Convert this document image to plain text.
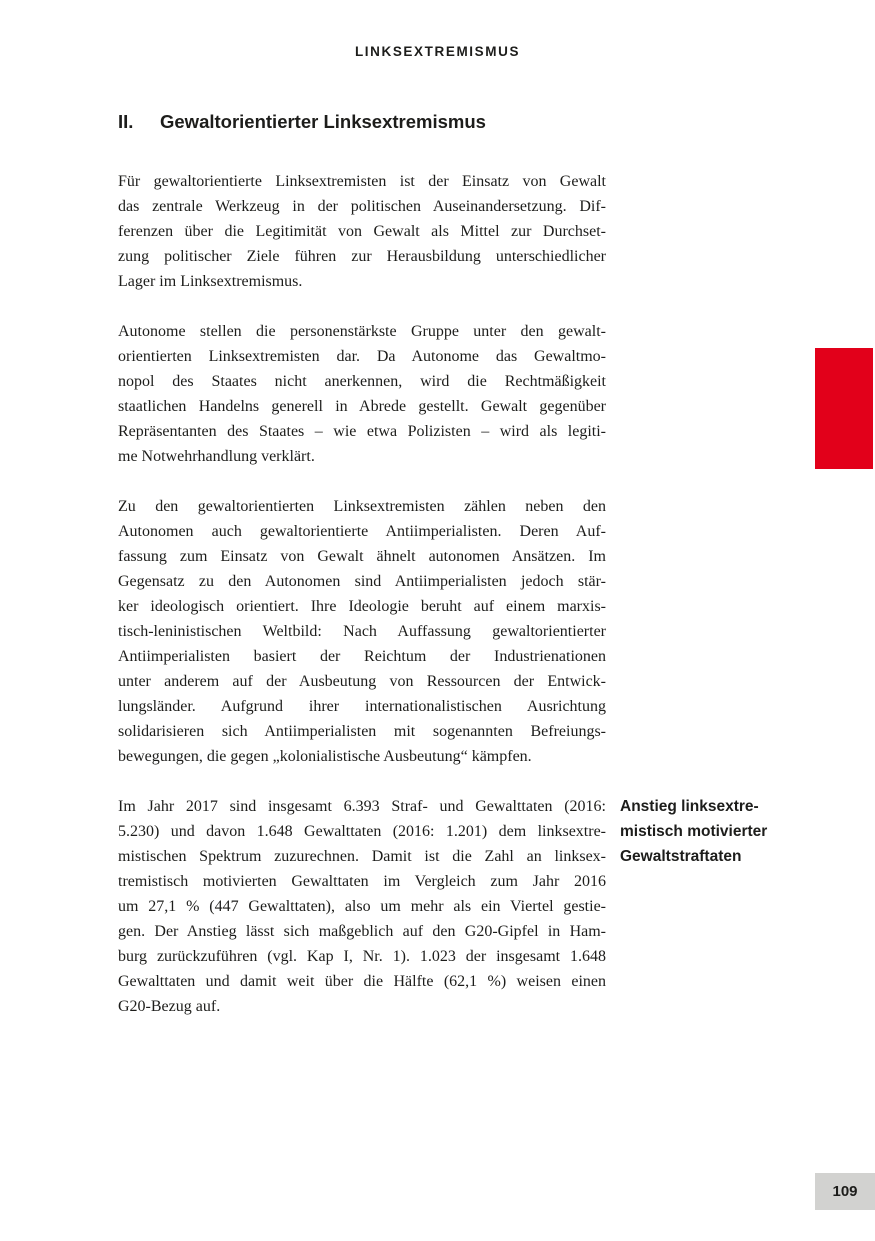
LINKSEXTREMISMUS
II.	Gewaltorientierter Linksextremismus
Für gewaltorientierte Linksextremisten ist der Einsatz von Gewalt
das zentrale Werkzeug in der politischen Auseinandersetzung. Dif-
ferenzen über die Legitimität von Gewalt als Mittel zur Durchset-
zung politischer Ziele führen zur Herausbildung unterschiedlicher
Lager im Linksextremismus.
Autonome stellen die personenstärkste Gruppe unter den gewalt-
orientierten Linksextremisten dar. Da Autonome das Gewaltmo-
nopol des Staates nicht anerkennen, wird die Rechtmäßigkeit
staatlichen Handelns generell in Abrede gestellt. Gewalt gegenüber
Repräsentanten des Staates – wie etwa Polizisten – wird als legiti-
me Notwehrhandlung verklärt.
Zu den gewaltorientierten Linksextremisten zählen neben den
Autonomen auch gewaltorientierte Antiimperialisten. Deren Auf-
fassung zum Einsatz von Gewalt ähnelt autonomen Ansätzen. Im
Gegensatz zu den Autonomen sind Antiimperialisten jedoch stär-
ker ideologisch orientiert. Ihre Ideologie beruht auf einem marxis-
tisch-leninistischen Weltbild: Nach Auffassung gewaltorientierter
Antiimperialisten basiert der Reichtum der Industrienationen
unter anderem auf der Ausbeutung von Ressourcen der Entwick-
lungsländer. Aufgrund ihrer internationalistischen Ausrichtung
solidarisieren sich Antiimperialisten mit sogenannten Befreiungs-
bewegungen, die gegen „kolonialistische Ausbeutung“ kämpfen.
Im Jahr 2017 sind insgesamt 6.393 Straf- und Gewalttaten (2016:
5.230) und davon 1.648 Gewalttaten (2016: 1.201) dem linksextre-
mistischen Spektrum zuzurechnen. Damit ist die Zahl an linksex-
tremistisch motivierten Gewalttaten im Vergleich zum Jahr 2016
um 27,1 % (447 Gewalttaten), also um mehr als ein Viertel gestie-
gen. Der Anstieg lässt sich maßgeblich auf den G20-Gipfel in Ham-
burg zurückzuführen (vgl. Kap I, Nr. 1). 1.023 der insgesamt 1.648
Gewalttaten und damit weit über die Hälfte (62,1 %) weisen einen
G20-Bezug auf.
Anstieg linksextre-
mistisch motivierter
Gewaltstraftaten
109
